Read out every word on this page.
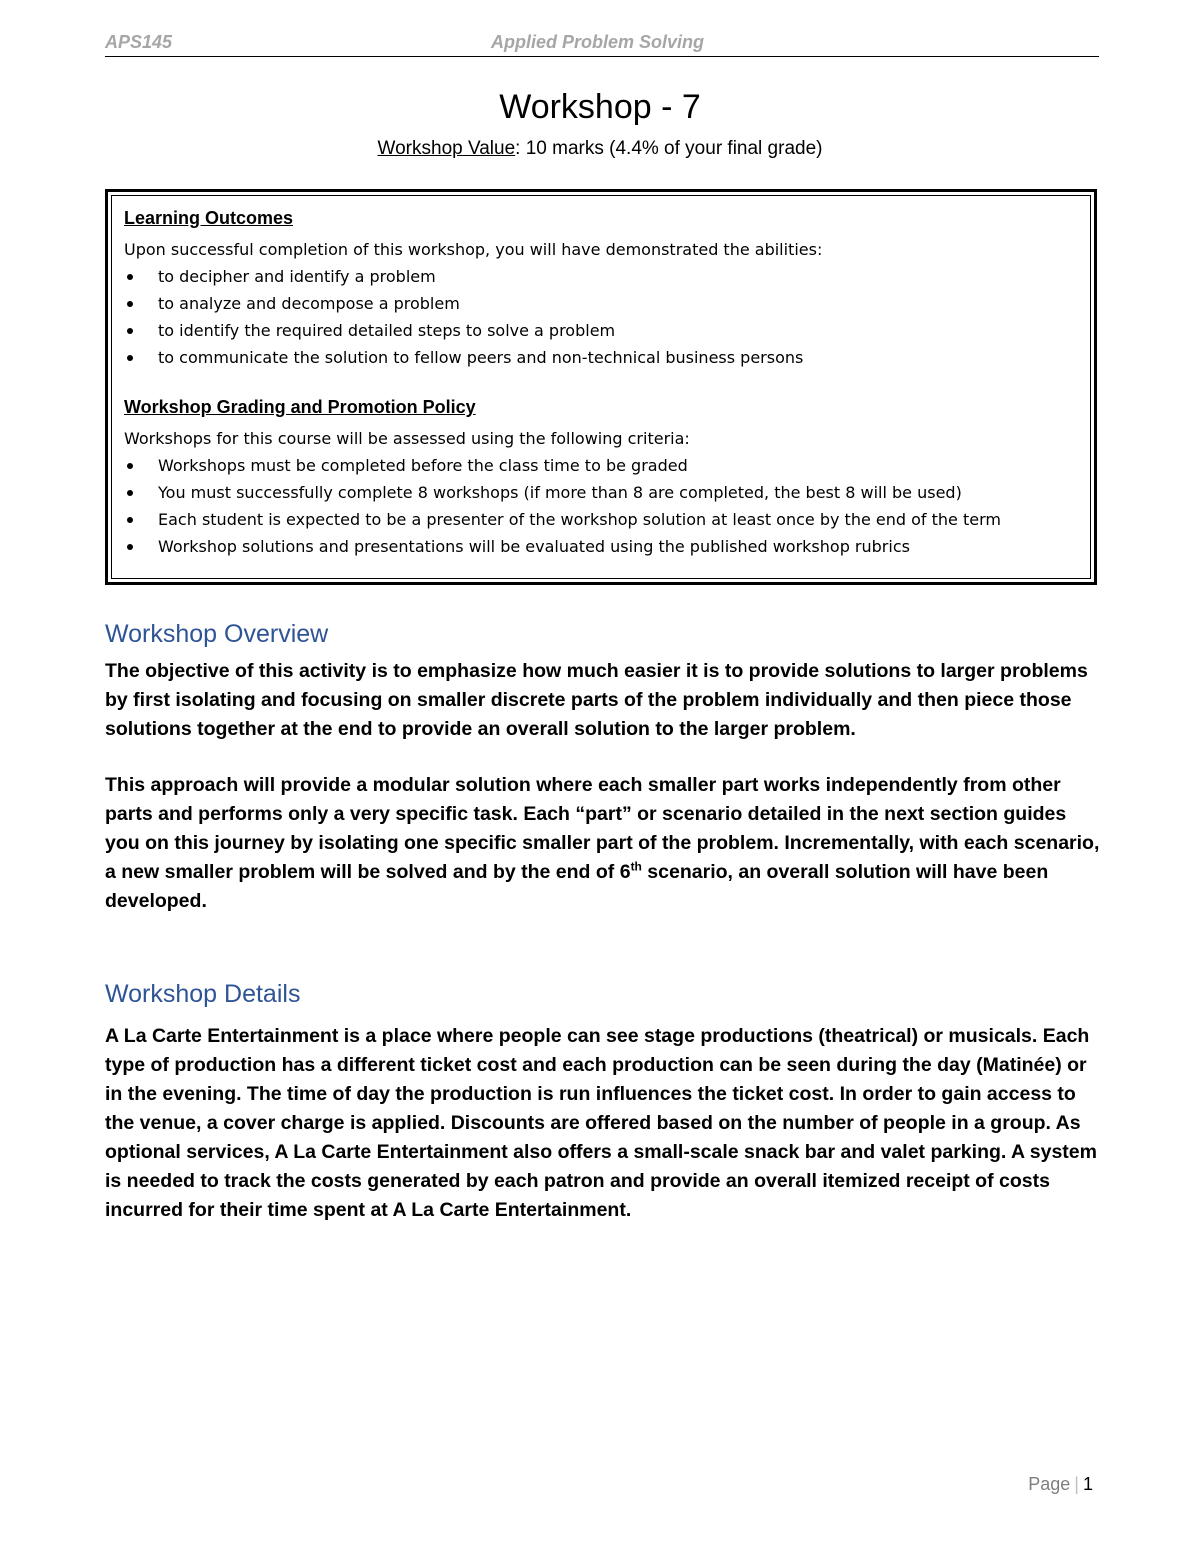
APS145	Applied Problem Solving
Workshop - 7
Workshop Value: 10 marks (4.4% of your final grade)
Learning Outcomes
Upon successful completion of this workshop, you will have demonstrated the abilities:
to decipher and identify a problem
to analyze and decompose a problem
to identify the required detailed steps to solve a problem
to communicate the solution to fellow peers and non-technical business persons
Workshop Grading and Promotion Policy
Workshops for this course will be assessed using the following criteria:
Workshops must be completed before the class time to be graded
You must successfully complete 8 workshops (if more than 8 are completed, the best 8 will be used)
Each student is expected to be a presenter of the workshop solution at least once by the end of the term
Workshop solutions and presentations will be evaluated using the published workshop rubrics
Workshop Overview
The objective of this activity is to emphasize how much easier it is to provide solutions to larger problems by first isolating and focusing on smaller discrete parts of the problem individually and then piece those solutions together at the end to provide an overall solution to the larger problem.
This approach will provide a modular solution where each smaller part works independently from other parts and performs only a very specific task. Each “part” or scenario detailed in the next section guides you on this journey by isolating one specific smaller part of the problem. Incrementally, with each scenario, a new smaller problem will be solved and by the end of 6th scenario, an overall solution will have been developed.
Workshop Details
A La Carte Entertainment is a place where people can see stage productions (theatrical) or musicals. Each type of production has a different ticket cost and each production can be seen during the day (Matinée) or in the evening. The time of day the production is run influences the ticket cost. In order to gain access to the venue, a cover charge is applied. Discounts are offered based on the number of people in a group. As optional services, A La Carte Entertainment also offers a small-scale snack bar and valet parking. A system is needed to track the costs generated by each patron and provide an overall itemized receipt of costs incurred for their time spent at A La Carte Entertainment.
Page | 1
